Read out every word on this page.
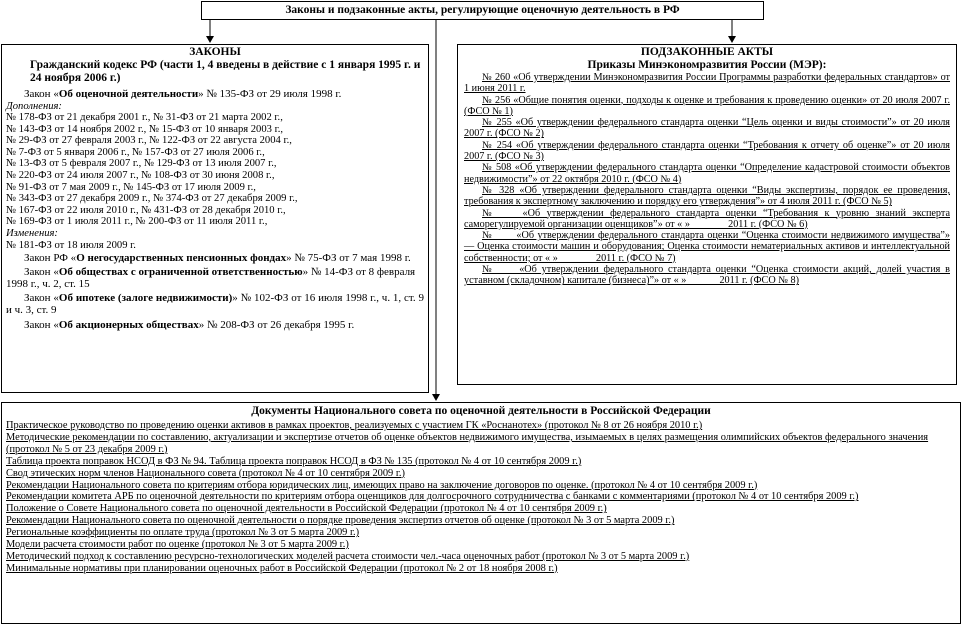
Законы и подзаконные акты, регулирующие оценочную деятельность в РФ
ЗАКОНЫ
Гражданский кодекс РФ (части 1, 4 введены в действие с 1 января 1995 г. и 24 ноября 2006 г.)
Закон «Об оценочной деятельности» № 135-ФЗ от 29 июля 1998 г.
Дополнения:
№ 178-ФЗ от 21 декабря 2001 г., № 31-ФЗ от 21 марта 2002 г.,
№ 143-ФЗ от 14 ноября 2002 г., № 15-ФЗ от 10 января 2003 г.,
№ 29-ФЗ от 27 февраля 2003 г., № 122-ФЗ от 22 августа 2004 г.,
№ 7-ФЗ от 5 января 2006 г., № 157-ФЗ от 27 июля 2006 г.,
№ 13-ФЗ от 5 февраля 2007 г., № 129-ФЗ от 13 июля 2007 г.,
№ 220-ФЗ от 24 июля 2007 г., № 108-ФЗ от 30 июня 2008 г.,
№ 91-ФЗ от 7 мая 2009 г., № 145-ФЗ от 17 июля 2009 г.,
№ 343-ФЗ от 27 декабря 2009 г., № 374-ФЗ от 27 декабря 2009 г.,
№ 167-ФЗ от 22 июля 2010 г., № 431-ФЗ от 28 декабря 2010 г.,
№ 169-ФЗ от 1 июля 2011 г., № 200-ФЗ от 11 июля 2011 г.,
Изменения:
№ 181-ФЗ от 18 июля 2009 г.
Закон РФ «О негосударственных пенсионных фондах» № 75-ФЗ от 7 мая 1998 г.
Закон «Об обществах с ограниченной ответственностью» № 14-ФЗ от 8 февраля 1998 г., ч. 2, ст. 15
Закон «Об ипотеке (залоге недвижимости)» № 102-ФЗ от 16 июля 1998 г., ч. 1, ст. 9 и ч. 3, ст. 9
Закон «Об акционерных обществах» № 208-ФЗ от 26 декабря 1995 г.
ПОДЗАКОННЫЕ АКТЫ
Приказы Минэкономразвития России (МЭР):
№ 260 «Об утверждении Минэкономразвития России Программы разработки федеральных стандартов» от 1 июня 2011 г.
№ 256 «Общие понятия оценки, подходы к оценке и требования к проведению оценки» от 20 июля 2007 г.(ФСО № 1)
№ 255 «Об утверждении федерального стандарта оценки “Цель оценки и виды стоимости”» от 20 июля 2007 г. (ФСО № 2)
№ 254 «Об утверждении федерального стандарта оценки “Требования к отчету об оценке”» от 20 июля 2007 г. (ФСО № 3)
№ 508 «Об утверждении федерального стандарта оценки “Определение кадастровой стоимости объектов недвижимости”» от 22 октября 2010 г. (ФСО № 4)
№ 328 «Об утверждении федерального стандарта оценки “Виды экспертизы, порядок ее проведения, требования к экспертному заключению и порядку его утверждения”» от 4 июля 2011 г. (ФСО № 5)
№____ «Об утверждении федерального стандарта оценки “Требования к уровню знаний эксперта саморегулируемой организации оценщиков”» от « »_______ 2011 г. (ФСО № 6)
№____ «Об утверждении федерального стандарта оценки “Оценка стоимости недвижимого имущества”» — Оценка стоимости машин и оборудования; Оценка стоимости нематериальных активов и интеллектуальной собственности; от « »_______ 2011 г. (ФСО № 7)
№____ «Об утверждении федерального стандарта оценки “Оценка стоимости акций, долей участия в уставном (складочном) капитале (бизнеса)”» от « »______ 2011 г. (ФСО № 8)
Документы Национального совета по оценочной деятельности в Российской Федерации
Практическое руководство по проведению оценки активов в рамках проектов, реализуемых с участием ГК «Роснанотех» (протокол № 8 от 26 ноября 2010 г.)
Методические рекомендации по составлению, актуализации и экспертизе отчетов об оценке объектов недвижимого имущества, изымаемых в целях размещения олимпийских объектов федерального значения (протокол № 5 от 23 декабря 2009 г.)
Таблица проекта поправок НСОД в ФЗ № 94. Таблица проекта поправок НСОД в ФЗ № 135 (протокол № 4 от 10 сентября 2009 г.)
Свод этических норм членов Национального совета (протокол № 4 от 10 сентября 2009 г.)
Рекомендации Национального совета по критериям отбора юридических лиц, имеющих право на заключение договоров по оценке. (протокол № 4 от 10 сентября 2009 г.)
Рекомендации комитета АРБ по оценочной деятельности по критериям отбора оценщиков для долгосрочного сотрудничества с банками с комментариями (протокол № 4 от 10 сентября 2009 г.)
Положение о Совете Национального совета по оценочной деятельности в Российской Федерации (протокол № 4 от 10 сентября 2009 г.)
Рекомендации Национального совета по оценочной деятельности о порядке проведения экспертиз отчетов об оценке (протокол № 3 от 5 марта 2009 г.)
Региональные коэффициенты по оплате труда (протокол № 3 от 5 марта 2009 г.)
Модели расчета стоимости работ по оценке (протокол № 3 от 5 марта 2009 г.)
Методический подход к составлению ресурсно-технологических моделей расчета стоимости чел.-часа оценочных работ (протокол № 3 от 5 марта 2009 г.)
Минимальные нормативы при планировании оценочных работ в Российской Федерации (протокол № 2 от 18 ноября 2008 г.)
